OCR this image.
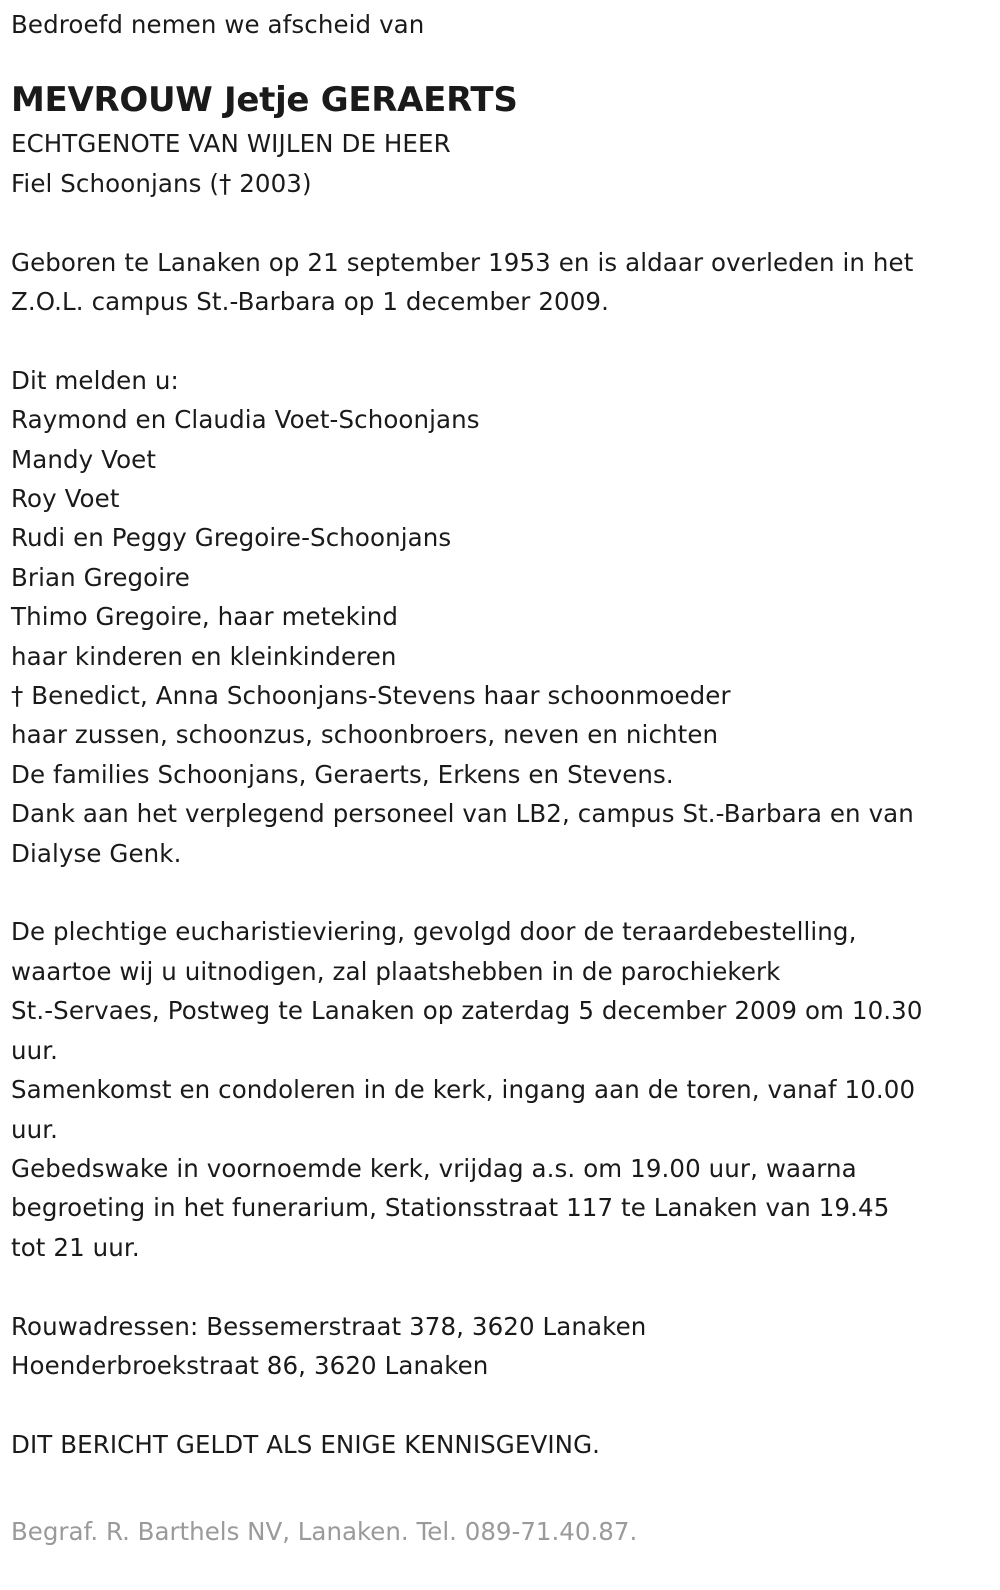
Bedroefd nemen we afscheid van
MEVROUW Jetje GERAERTS
ECHTGENOTE VAN WIJLEN DE HEER
Fiel Schoonjans († 2003)
Geboren te Lanaken op 21 september 1953 en is aldaar overleden in het
Z.O.L. campus St.-Barbara op 1 december 2009.
Dit melden u:
Raymond en Claudia Voet-Schoonjans
Mandy Voet
Roy Voet
Rudi en Peggy Gregoire-Schoonjans
Brian Gregoire
Thimo Gregoire, haar metekind
haar kinderen en kleinkinderen
† Benedict, Anna Schoonjans-Stevens haar schoonmoeder
haar zussen, schoonzus, schoonbroers, neven en nichten
De families Schoonjans, Geraerts, Erkens en Stevens.
Dank aan het verplegend personeel van LB2, campus St.-Barbara en van
Dialyse Genk.
De plechtige eucharistieviering, gevolgd door de teraardebestelling,
waartoe wij u uitnodigen, zal plaatshebben in de parochiekerk
St.-Servaes, Postweg te Lanaken op zaterdag 5 december 2009 om 10.30
uur.
Samenkomst en condoleren in de kerk, ingang aan de toren, vanaf 10.00
uur.
Gebedswake in voornoemde kerk, vrijdag a.s. om 19.00 uur, waarna
begroeting in het funerarium, Stationsstraat 117 te Lanaken van 19.45
tot 21 uur.
Rouwadressen: Bessemerstraat 378, 3620 Lanaken
Hoenderbroekstraat 86, 3620 Lanaken
DIT BERICHT GELDT ALS ENIGE KENNISGEVING.
Begraf. R. Barthels NV, Lanaken. Tel. 089-71.40.87.
